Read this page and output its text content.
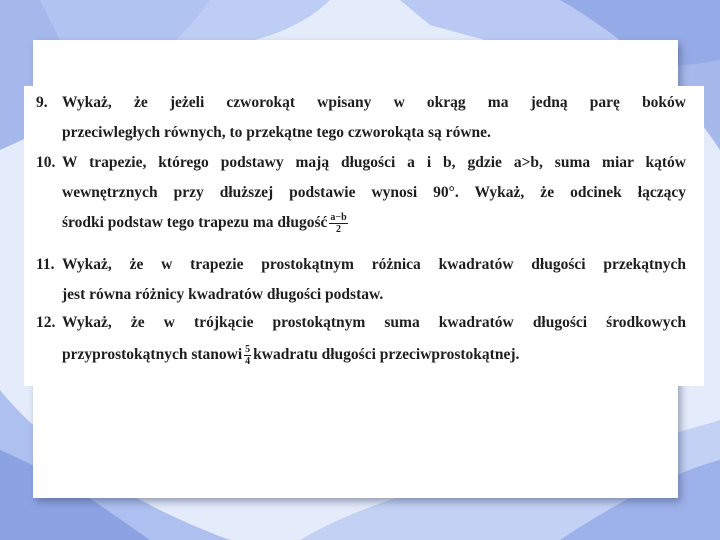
9. Wykaż, że jeżeli czworokąt wpisany w okrąg ma jedną parę boków
przeciwległych równych, to przekątne tego czworokąta są równe.
10. W trapezie, którego podstawy mają długości a i b, gdzie a>b, suma miar kątów
wewnętrznych przy dłuższej podstawie wynosi 90°. Wykaż, że odcinek łączący
środki podstaw tego trapezu ma długość $\frac{a-b}{2}$
11. Wykaż, że w trapezie prostokątnym różnica kwadratów długości przekątnych
jest równa różnicy kwadratów długości podstaw.
12. Wykaż, że w trójkącie prostokątnym suma kwadratów długości środkowych
przyprostokątnych stanowi $\frac{5}{4}$ kwadratu długości przeciwprostokątnej.
